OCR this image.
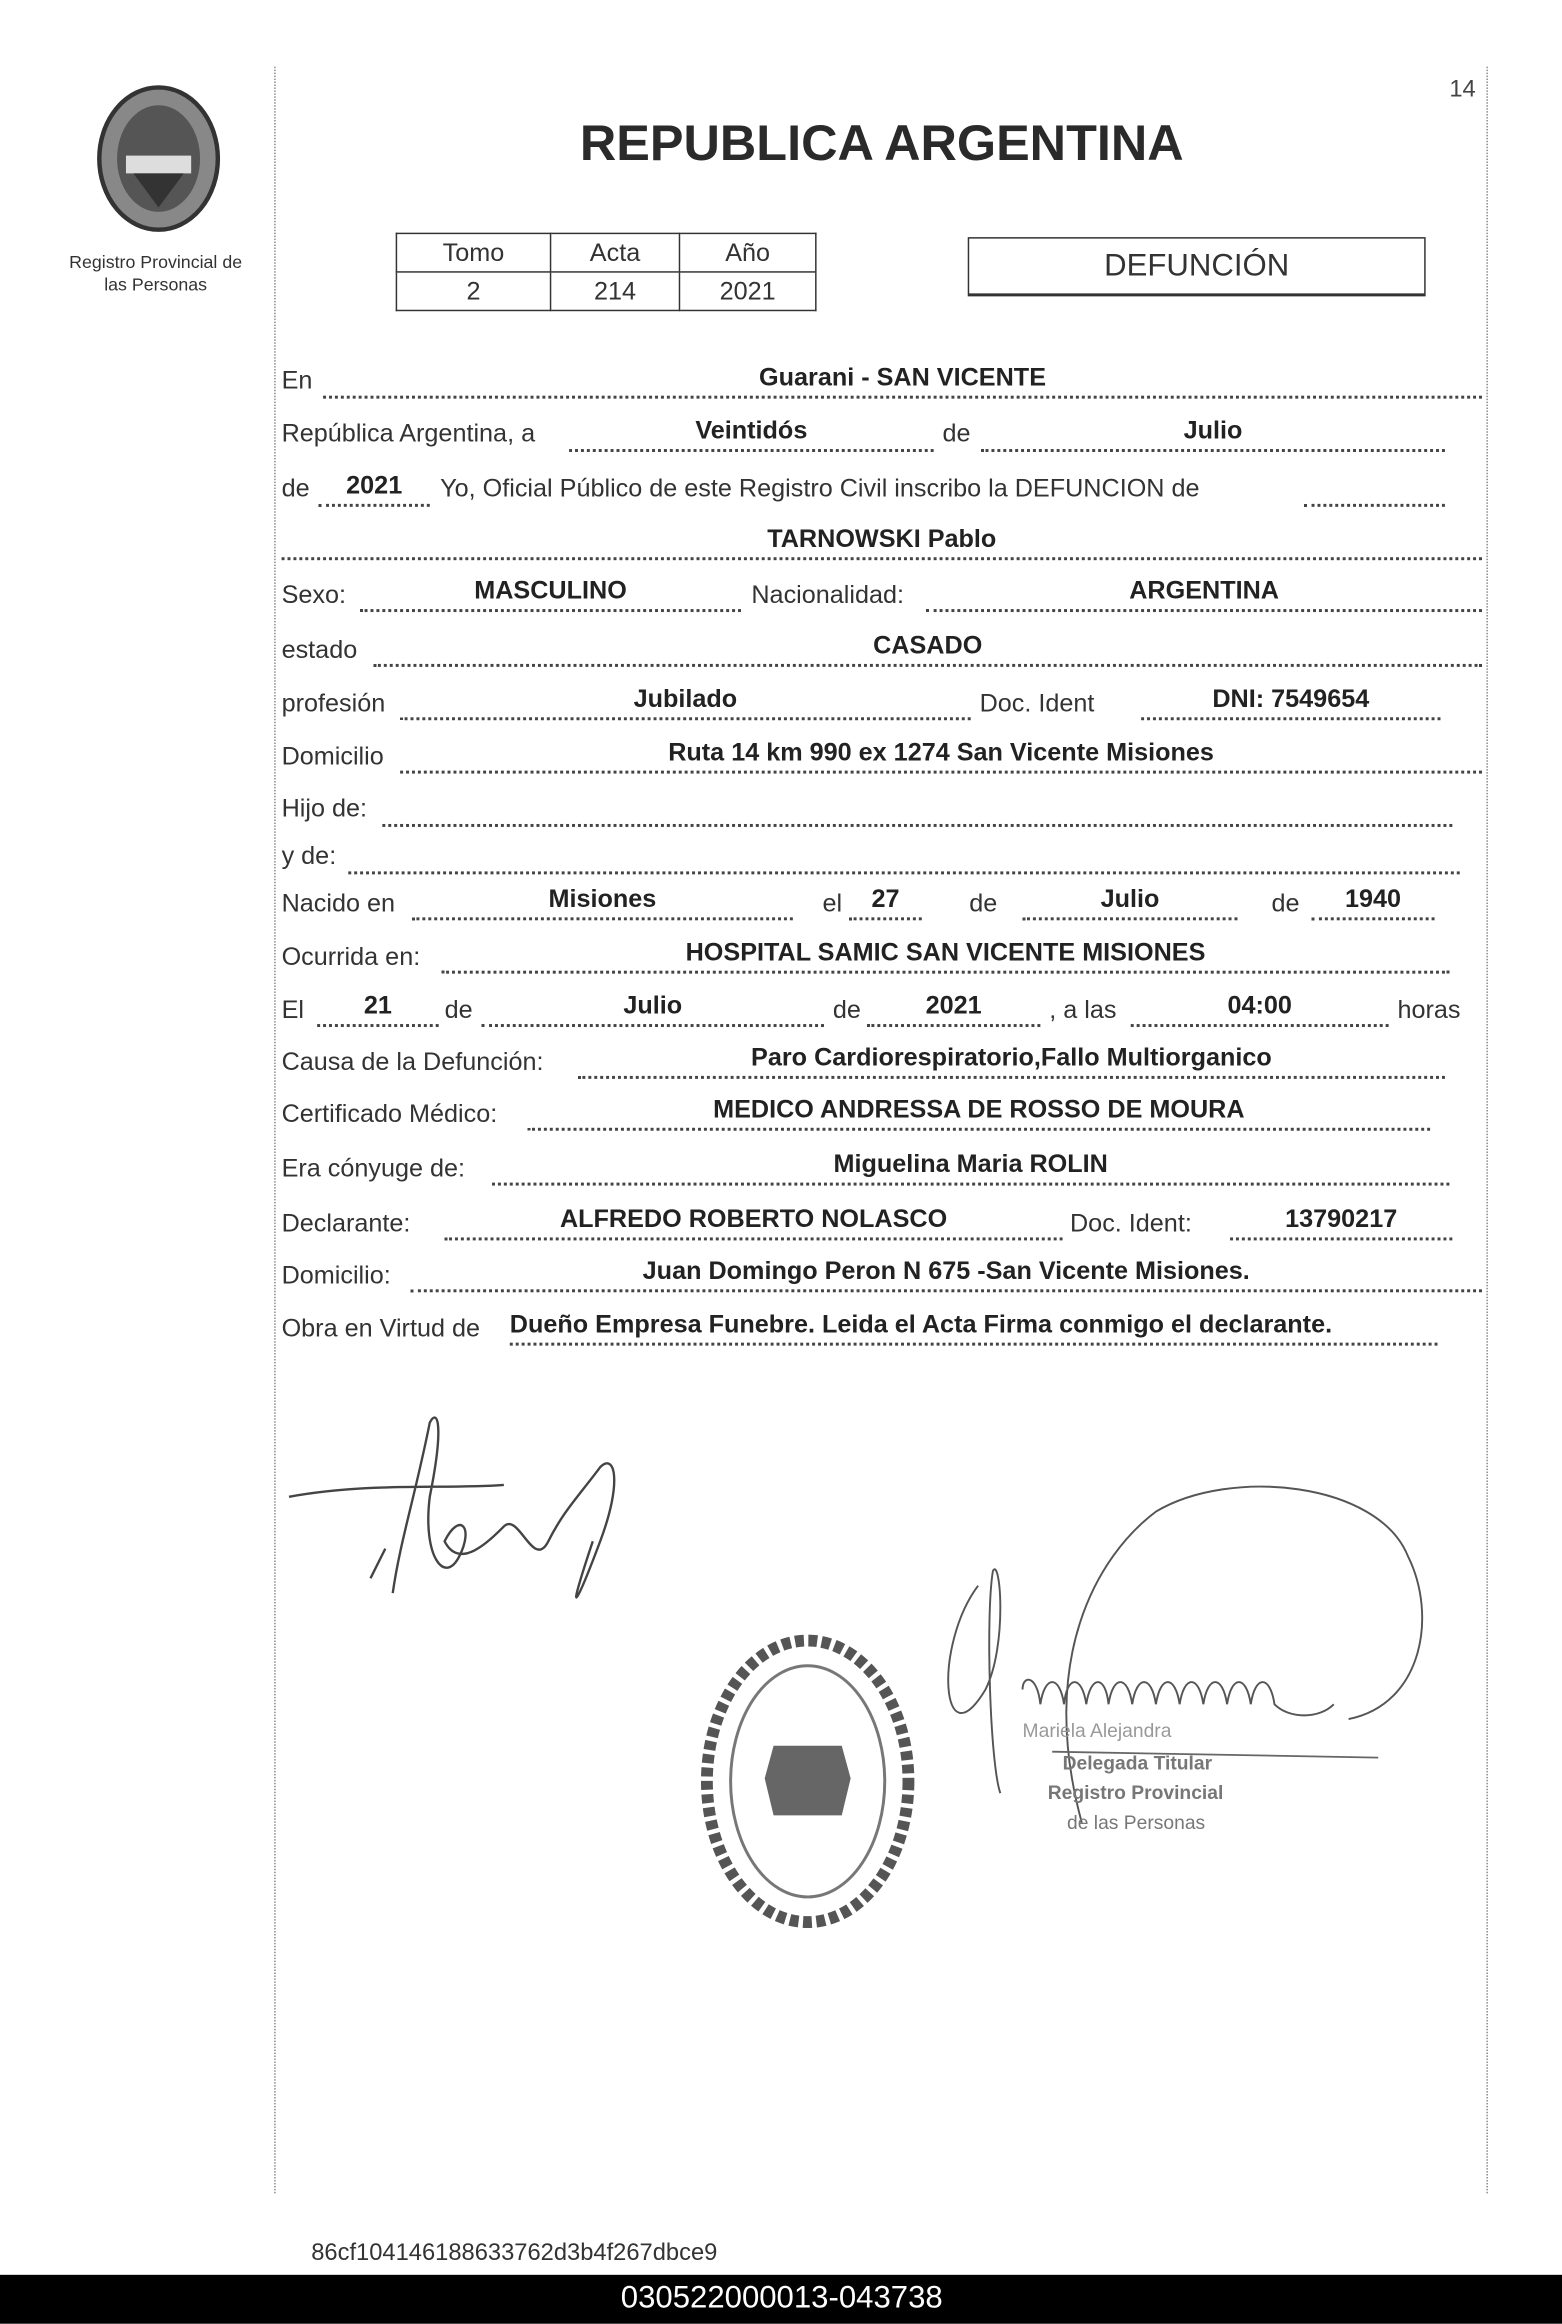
Registro Provincial de
las Personas
14
REPUBLICA ARGENTINA
Tomo	Acta	Año
2	214	2021
DEFUNCIÓN
En	Guarani - SAN VICENTE
República Argentina, a	Veintidós	de	Julio
de	2021	Yo, Oficial Público de este Registro Civil inscribo la DEFUNCION de
TARNOWSKI Pablo
Sexo:	MASCULINO	Nacionalidad:	ARGENTINA
estado	CASADO
profesión	Jubilado	Doc. Ident	DNI: 7549654
Domicilio	Ruta 14 km 990 ex 1274 San Vicente Misiones
Hijo de:
y de:
Nacido en	Misiones	el	27	de	Julio	de	1940
Ocurrida en:	HOSPITAL SAMIC SAN VICENTE MISIONES
El	21	de	Julio	de	2021	, a las	04:00	horas
Causa de la Defunción:	Paro Cardiorespiratorio,Fallo Multiorganico
Certificado Médico:	MEDICO ANDRESSA DE ROSSO DE MOURA
Era cónyuge de:	Miguelina Maria ROLIN
Declarante:	ALFREDO ROBERTO NOLASCO	Doc. Ident:	13790217
Domicilio:	Juan Domingo Peron N 675 -San Vicente Misiones.
Obra en Virtud de Dueño Empresa Funebre. Leida el Acta Firma conmigo el declarante.
Mariela Alejandra
Delegada Titular
Registro Provincial
de las Personas
86cf104146188633762d3b4f267dbce9
030522000013-043738
